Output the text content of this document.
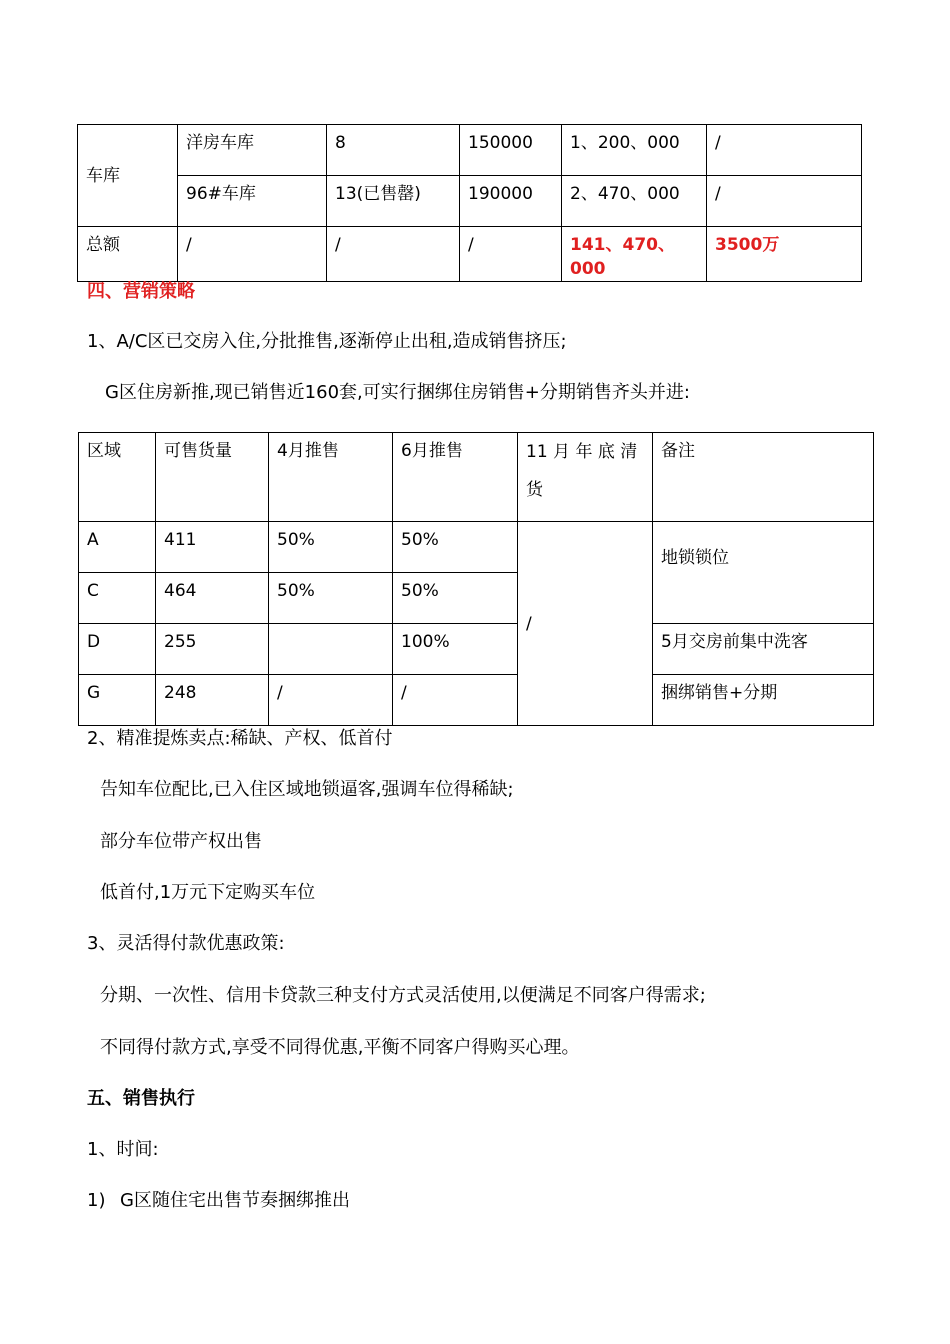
车库	洋房车库	8	150000	1、200、000	/
	96#车库	13(已售罄)	190000	2、470、000	/
总额	/	/	/	141、470、000	3500万
四、营销策略
1、A/C区已交房入住,分批推售,逐渐停止出租,造成销售挤压;
G区住房新推,现已销售近160套,可实行捆绑住房销售+分期销售齐头并进:
区域	可售货量	4月推售	6月推售	11 月 年 底 清 货	备注
A	411	50%	50%	/	地锁锁位

C	464	50%	50%		
D	255		100%		5月交房前集中洗客
G	248	/	/		捆绑销售+分期
2、精准提炼卖点:稀缺、产权、低首付
告知车位配比,已入住区域地锁逼客,强调车位得稀缺;
部分车位带产权出售
低首付,1万元下定购买车位
3、灵活得付款优惠政策:
分期、一次性、信用卡贷款三种支付方式灵活使用,以便满足不同客户得需求;
不同得付款方式,享受不同得优惠,平衡不同客户得购买心理。
五、销售执行
1、时间:
1) G区随住宅出售节奏捆绑推出
